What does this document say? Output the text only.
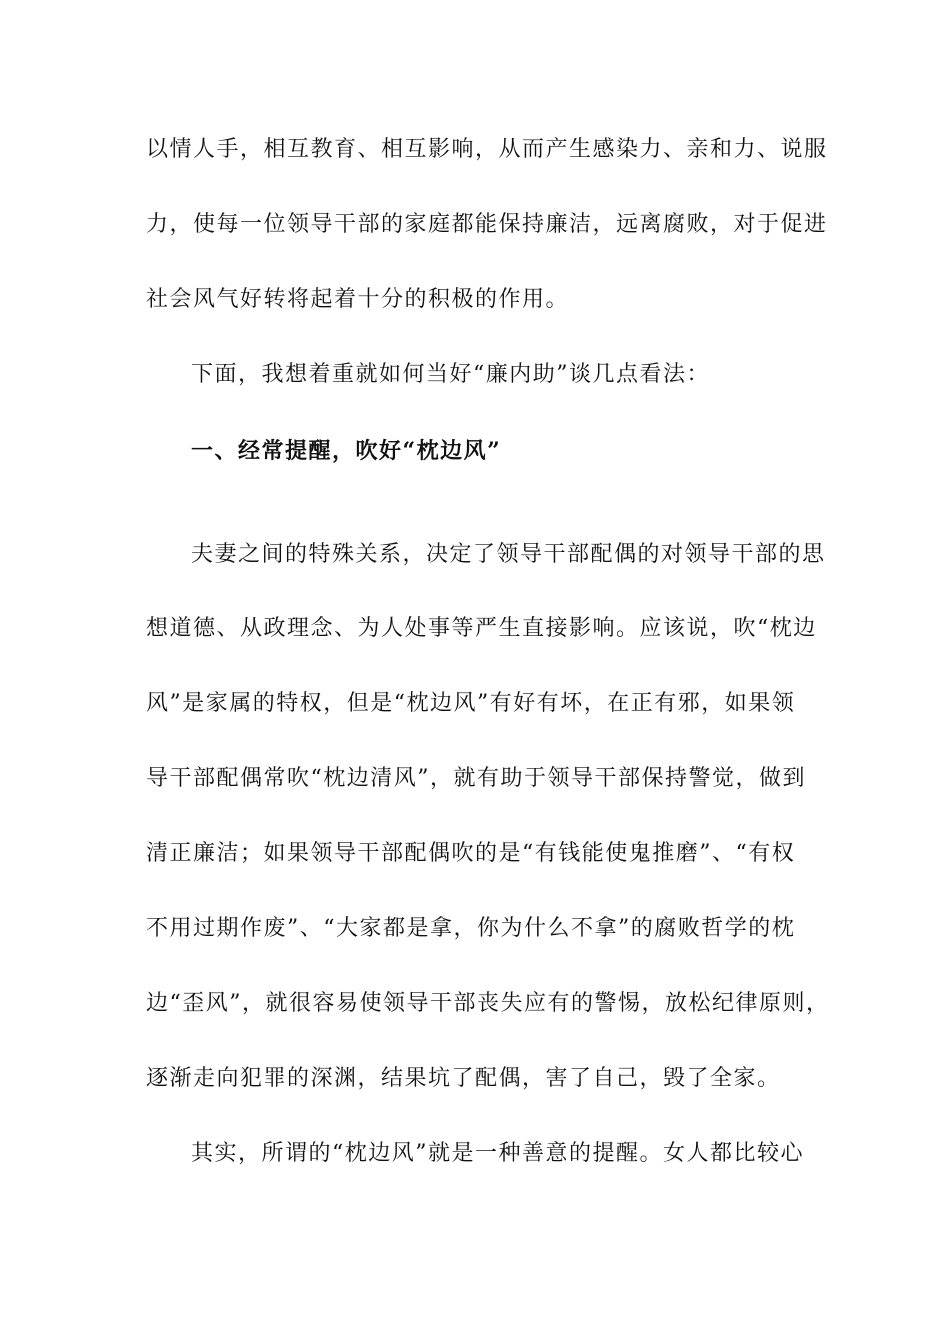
以情人手，相互教育、相互影响，从而产生感染力、亲和力、说服
力，使每一位领导干部的家庭都能保持廉洁，远离腐败，对于促进
社会风气好转将起着十分的积极的作用。
下面，我想着重就如何当好“廉内助”谈几点看法：
一、经常提醒，吹好“枕边风”
夫妻之间的特殊关系，决定了领导干部配偶的对领导干部的思
想道德、从政理念、为人处事等严生直接影响。应该说，吹“枕边
风”是家属的特权，但是“枕边风”有好有坏，在正有邪，如果领
导干部配偶常吹“枕边清风”，就有助于领导干部保持警觉，做到
清正廉洁；如果领导干部配偶吹的是“有钱能使鬼推磨”、“有权
不用过期作废”、“大家都是拿，你为什么不拿”的腐败哲学的枕
边“歪风”，就很容易使领导干部丧失应有的警惕，放松纪律原则，
逐渐走向犯罪的深渊，结果坑了配偶，害了自己，毁了全家。
其实，所谓的“枕边风”就是一种善意的提醒。女人都比较心
